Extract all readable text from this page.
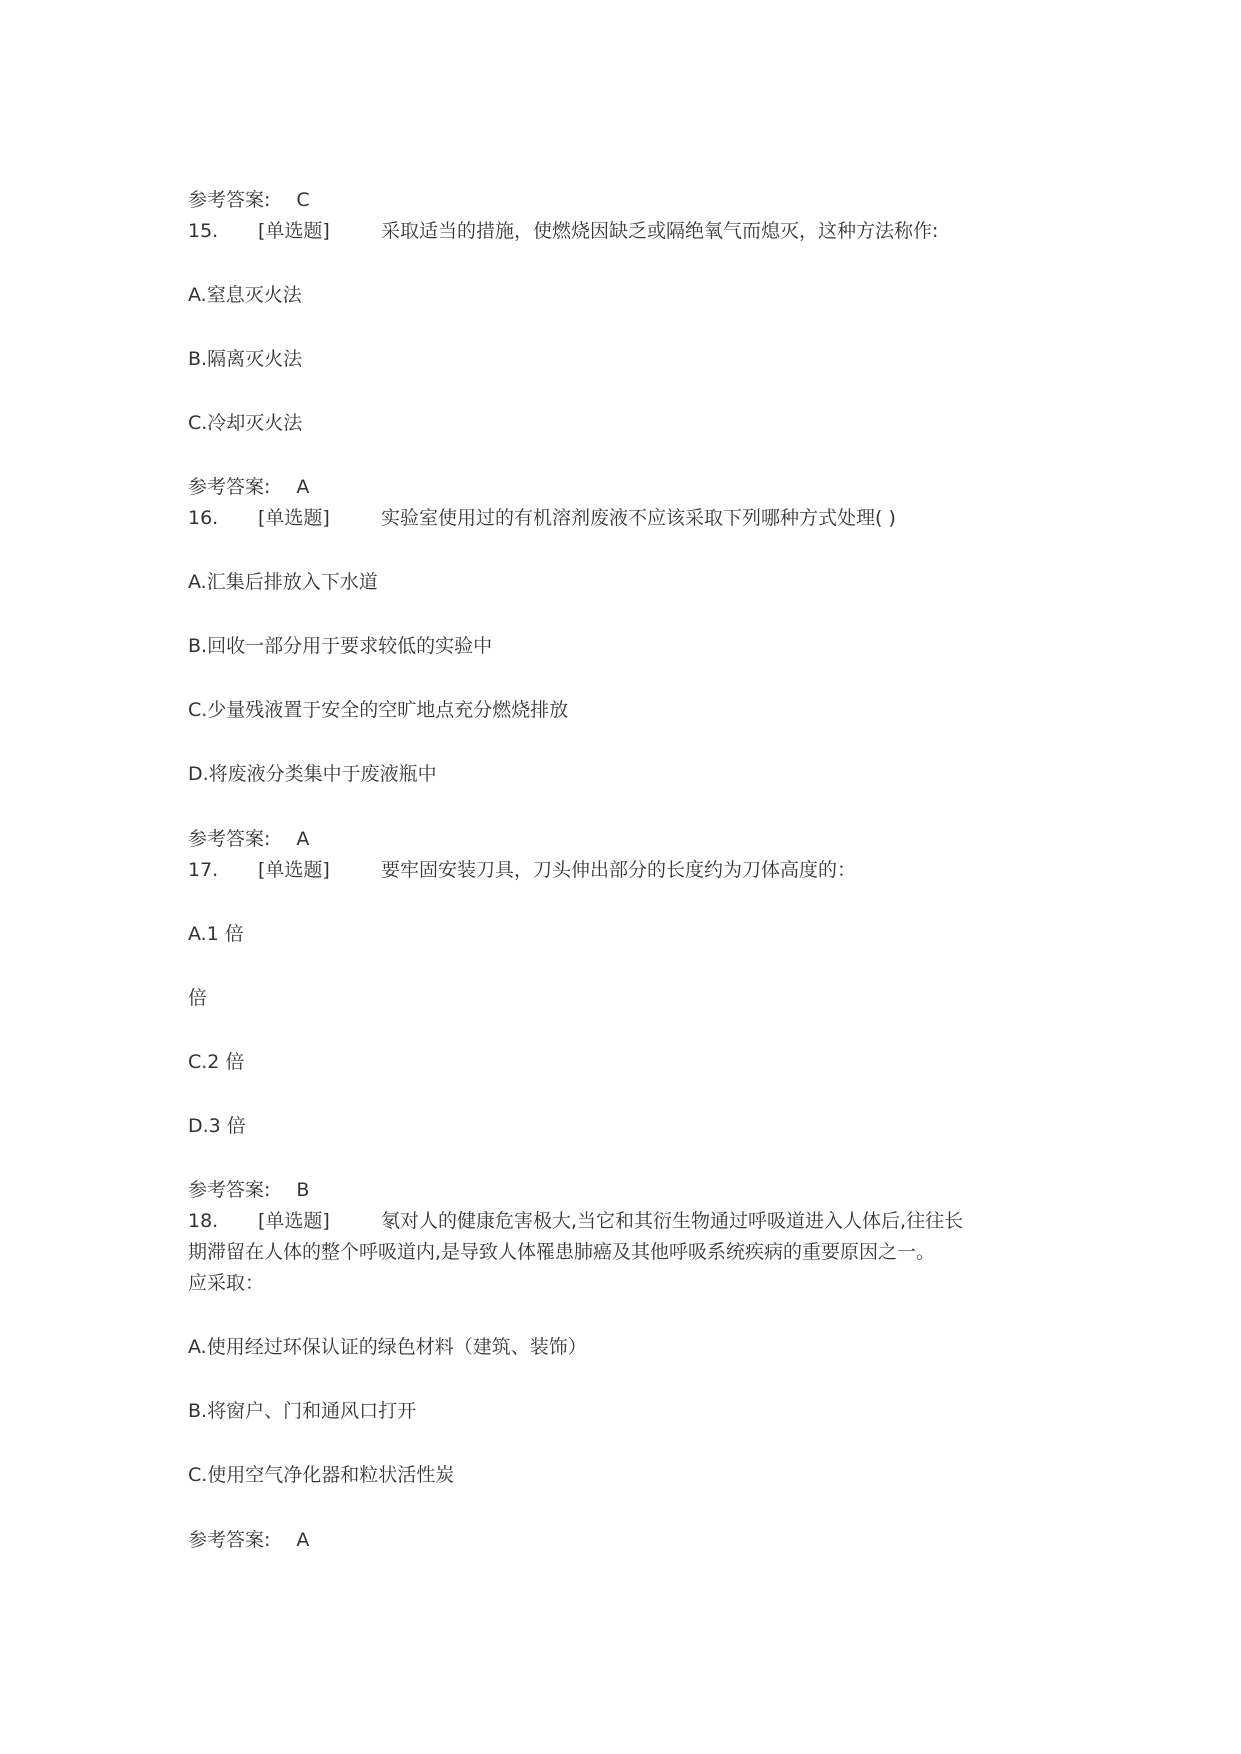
参考答案: C
15. [单选题]	采取适当的措施，使燃烧因缺乏或隔绝氧气而熄灭，这种方法称作:
A.窒息灭火法
B.隔离灭火法
C.冷却灭火法
参考答案: A
16. [单选题]	实验室使用过的有机溶剂废液不应该采取下列哪种方式处理( )
A.汇集后排放入下水道
B.回收一部分用于要求较低的实验中
C.少量残液置于安全的空旷地点充分燃烧排放
D.将废液分类集中于废液瓶中
参考答案: A
17. [单选题]	要牢固安装刀具，刀头伸出部分的长度约为刀体高度的：
A.1 倍
倍
C.2 倍
D.3 倍
参考答案: B
18. [单选题]	氡对人的健康危害极大,当它和其衍生物通过呼吸道进入人体后,往往长
期滞留在人体的整个呼吸道内,是导致人体罹患肺癌及其他呼吸系统疾病的重要原因之一。
应采取：
A.使用经过环保认证的绿色材料（建筑、装饰）
B.将窗户、门和通风口打开
C.使用空气净化器和粒状活性炭
参考答案: A
